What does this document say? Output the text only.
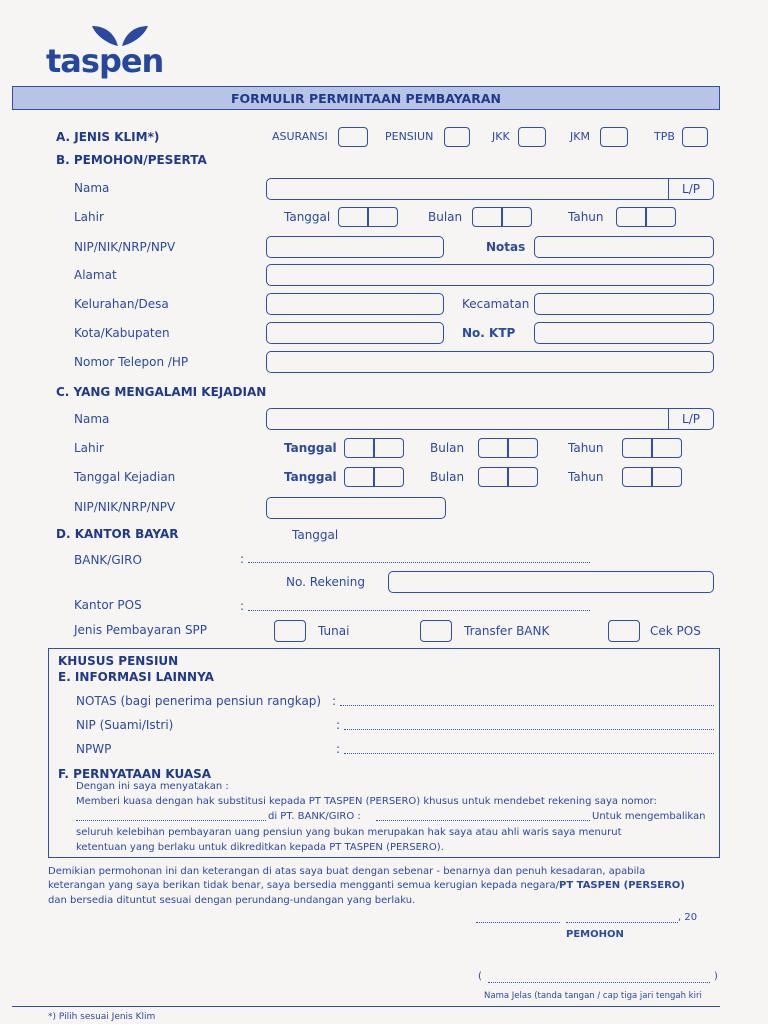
taspen
FORMULIR PERMINTAAN PEMBAYARAN
A. JENIS KLIM*)	ASURANSI	PENSIUN	JKK	JKM	TPB
B. PEMOHON/PESERTA
Nama	L/P
Lahir	Tanggal	Bulan	Tahun
NIP/NIK/NRP/NPV	Notas
Alamat
Kelurahan/Desa	Kecamatan
Kota/Kabupaten	No. KTP
Nomor Telepon /HP
C. YANG MENGALAMI KEJADIAN
Nama	L/P
Lahir	Tanggal	Bulan	Tahun
Tanggal Kejadian	Tanggal	Bulan	Tahun
NIP/NIK/NRP/NPV
D. KANTOR BAYAR	Tanggal
BANK/GIRO	:
No. Rekening
Kantor POS	:
Jenis Pembayaran SPP	Tunai	Transfer BANK	Cek POS
KHUSUS PENSIUN
E. INFORMASI LAINNYA
NOTAS (bagi penerima pensiun rangkap) :
NIP (Suami/Istri)	:
NPWP	:
F. PERNYATAAN KUASA
Dengan ini saya menyatakan :
Memberi kuasa dengan hak substitusi kepada PT TASPEN (PERSERO) khusus untuk mendebet rekening saya nomor:
di PT. BANK/GIRO :	Untuk mengembalikan
seluruh kelebihan pembayaran uang pensiun yang bukan merupakan hak saya atau ahli waris saya menurut
ketentuan yang berlaku untuk dikreditkan kepada PT TASPEN (PERSERO).
Demikian permohonan ini dan keterangan di atas saya buat dengan sebenar - benarnya dan penuh kesadaran, apabila
keterangan yang saya berikan tidak benar, saya bersedia mengganti semua kerugian kepada negara/PT TASPEN (PERSERO)
dan bersedia dituntut sesuai dengan perundang-undangan yang berlaku.
, 20
PEMOHON
(	)
Nama Jelas (tanda tangan / cap tiga jari tengah kiri
*) Pilih sesuai Jenis Klim
